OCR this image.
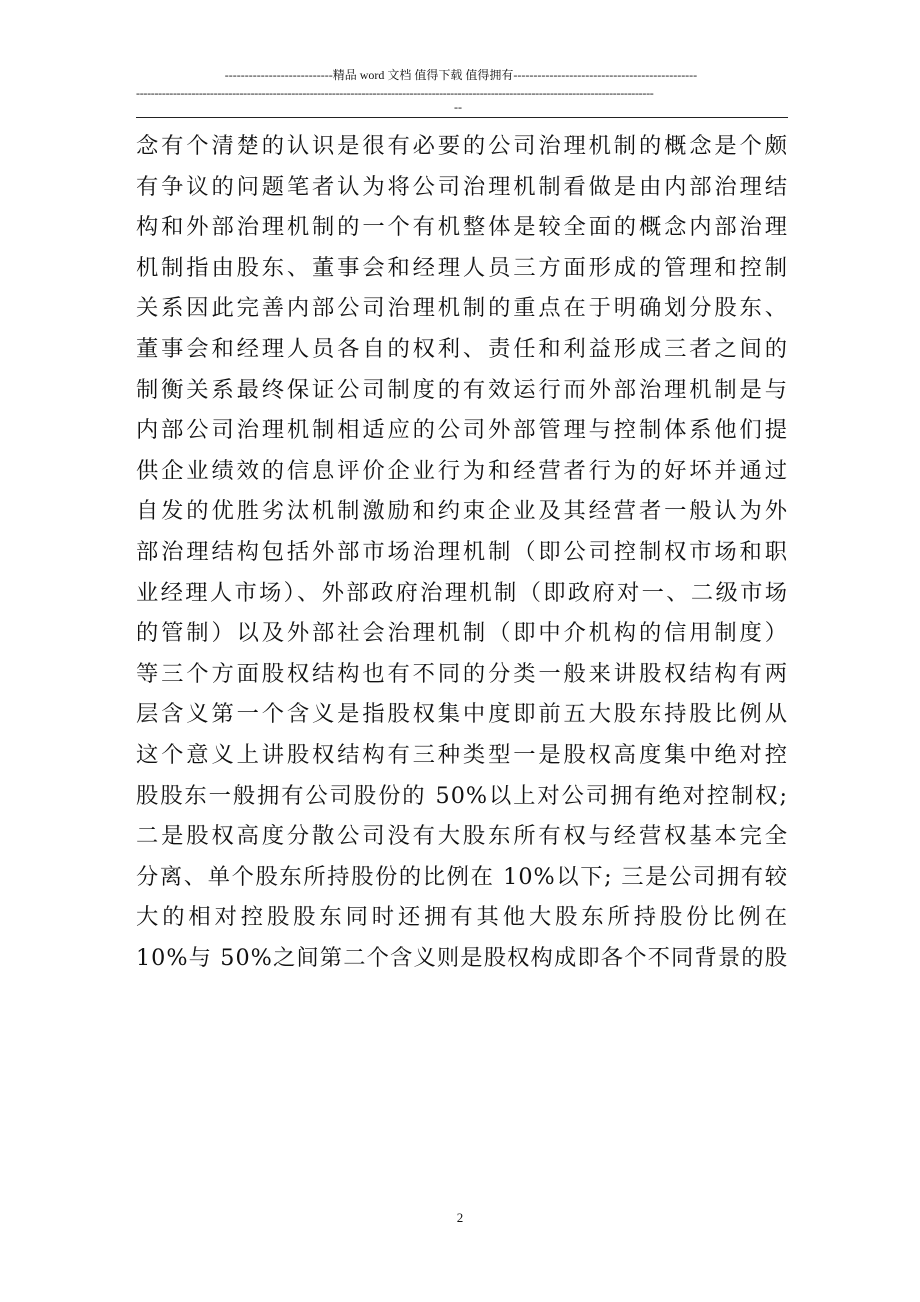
---------------------------精品 word 文档 值得下载 值得拥有----------------------------------------------
--------------------------------------------------------------------------------------------------------------------------------------------
--
念有个清楚的认识是很有必要的公司治理机制的概念是个颇
有争议的问题笔者认为将公司治理机制看做是由内部治理结
构和外部治理机制的一个有机整体是较全面的概念内部治理
机制指由股东、董事会和经理人员三方面形成的管理和控制
关系因此完善内部公司治理机制的重点在于明确划分股东、
董事会和经理人员各自的权利、责任和利益形成三者之间的
制衡关系最终保证公司制度的有效运行而外部治理机制是与
内部公司治理机制相适应的公司外部管理与控制体系他们提
供企业绩效的信息评价企业行为和经营者行为的好坏并通过
自发的优胜劣汰机制激励和约束企业及其经营者一般认为外
部治理结构包括外部市场治理机制（即公司控制权市场和职
业经理人市场）、外部政府治理机制（即政府对一、二级市场
的管制）以及外部社会治理机制（即中介机构的信用制度）
等三个方面股权结构也有不同的分类一般来讲股权结构有两
层含义第一个含义是指股权集中度即前五大股东持股比例从
这个意义上讲股权结构有三种类型一是股权高度集中绝对控
股股东一般拥有公司股份的 50%以上对公司拥有绝对控制权;
二是股权高度分散公司没有大股东所有权与经营权基本完全
分离、单个股东所持股份的比例在 10%以下; 三是公司拥有较
大的相对控股股东同时还拥有其他大股东所持股份比例在
10%与 50%之间第二个含义则是股权构成即各个不同背景的股
2
